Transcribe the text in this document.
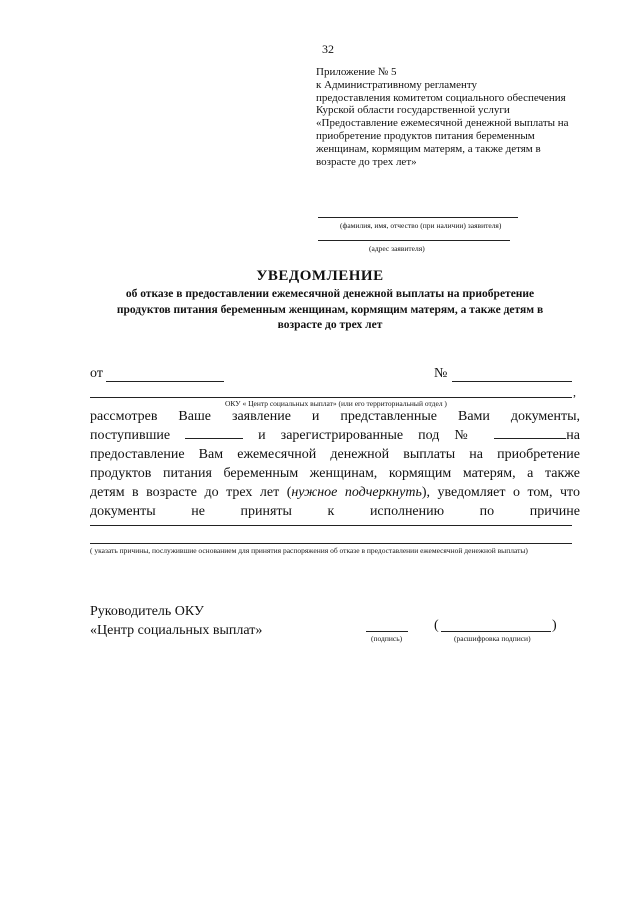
32
Приложение № 5
к Административному регламенту
предоставления комитетом социального обеспечения
Курской области государственной услуги
«Предоставление ежемесячной денежной выплаты на
приобретение продуктов питания беременным
женщинам, кормящим матерям, а также детям в
возрасте до трех лет»
(фамилия, имя, отчество (при наличии) заявителя)
(адрес заявителя)
УВЕДОМЛЕНИЕ
об отказе в предоставлении ежемесячной денежной выплаты на приобретение
продуктов питания беременным женщинам, кормящим матерям, а также детям в
возрасте до трех лет
от	№
,
ОКУ « Центр социальных выплат» (или его территориальный отдел )

рассмотрев Ваше заявление и представленные Вами документы,

поступившие	и зарегистрированные под №	на

предоставление Вам ежемесячной денежной выплаты на приобретение

продуктов питания беременным женщинам, кормящим матерям, а также

детям в возрасте до трех лет (нужное подчеркнуть), уведомляет о том, что

документы не приняты к исполнению по причине

( указать причины, послужившие основанием для принятия распоряжения об отказе в предоставлении ежемесячной денежной выплаты)
Руководитель ОКУ
«Центр социальных выплат»
(подпись)
(	)
(расшифровка подписи)
